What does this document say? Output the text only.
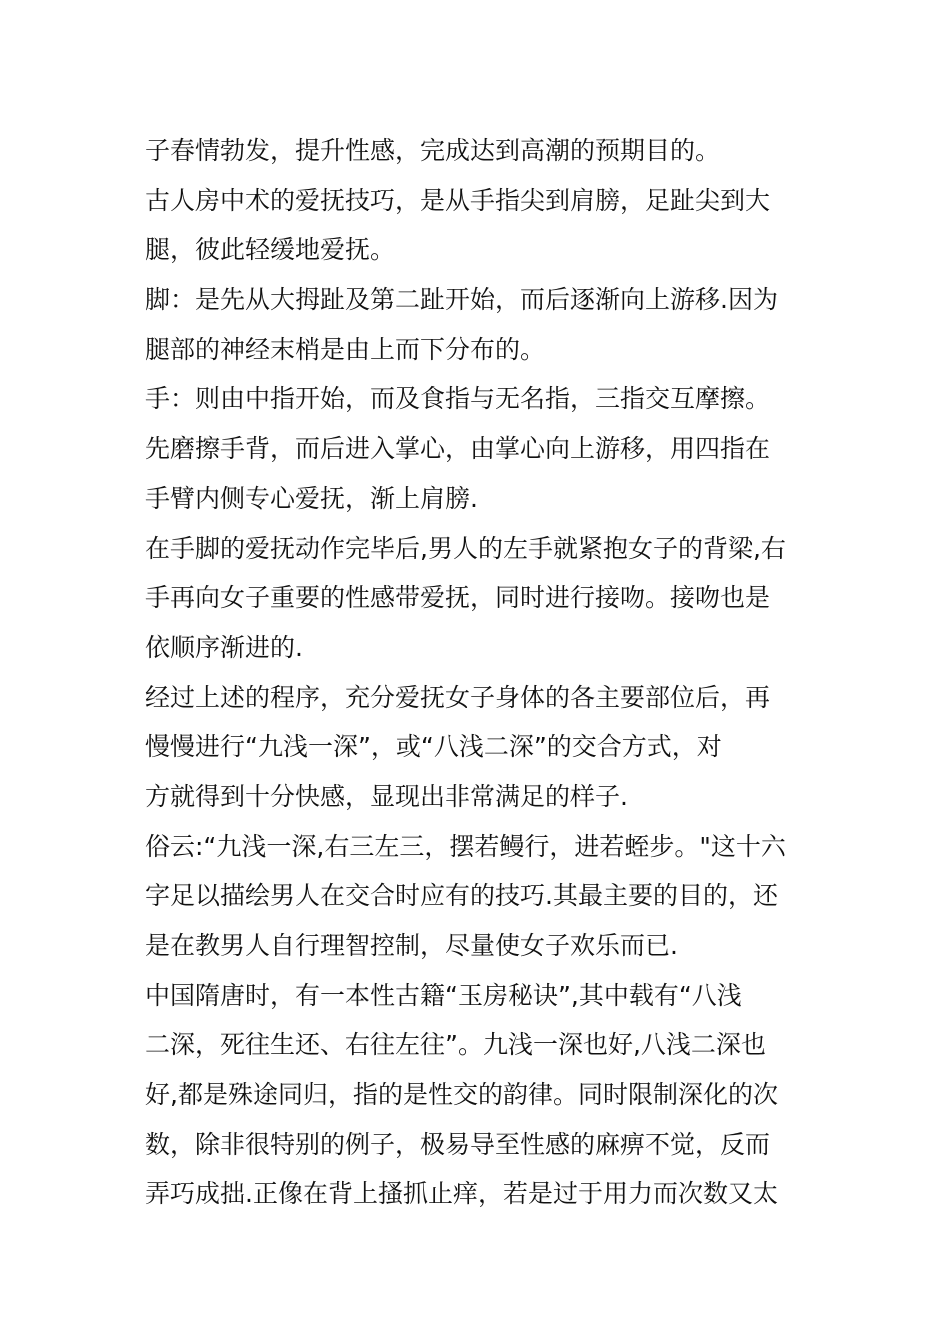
子春情勃发，提升性感，完成达到高潮的预期目的。
古人房中术的爱抚技巧，是从手指尖到肩膀，足趾尖到大
腿，彼此轻缓地爱抚。
脚：是先从大拇趾及第二趾开始，而后逐渐向上游移.因为
腿部的神经末梢是由上而下分布的。
手：则由中指开始，而及食指与无名指，三指交互摩擦。
先磨擦手背，而后进入掌心，由掌心向上游移，用四指在
手臂内侧专心爱抚，渐上肩膀.
在手脚的爱抚动作完毕后,男人的左手就紧抱女子的背梁,右
手再向女子重要的性感带爱抚，同时进行接吻。接吻也是
依顺序渐进的.
经过上述的程序，充分爱抚女子身体的各主要部位后，再
慢慢进行“九浅一深”，或“八浅二深”的交合方式，对
方就得到十分快感，显现出非常满足的样子.
俗云:“九浅一深,右三左三，摆若鳗行，进若蛭步。"这十六
字足以描绘男人在交合时应有的技巧.其最主要的目的，还
是在教男人自行理智控制，尽量使女子欢乐而已.
中国隋唐时，有一本性古籍“玉房秘诀”,其中载有“八浅
二深，死往生还、右往左往”。九浅一深也好,八浅二深也
好,都是殊途同归，指的是性交的韵律。同时限制深化的次
数，除非很特别的例子，极易导至性感的麻痹不觉，反而
弄巧成拙.正像在背上搔抓止痒，若是过于用力而次数又太
